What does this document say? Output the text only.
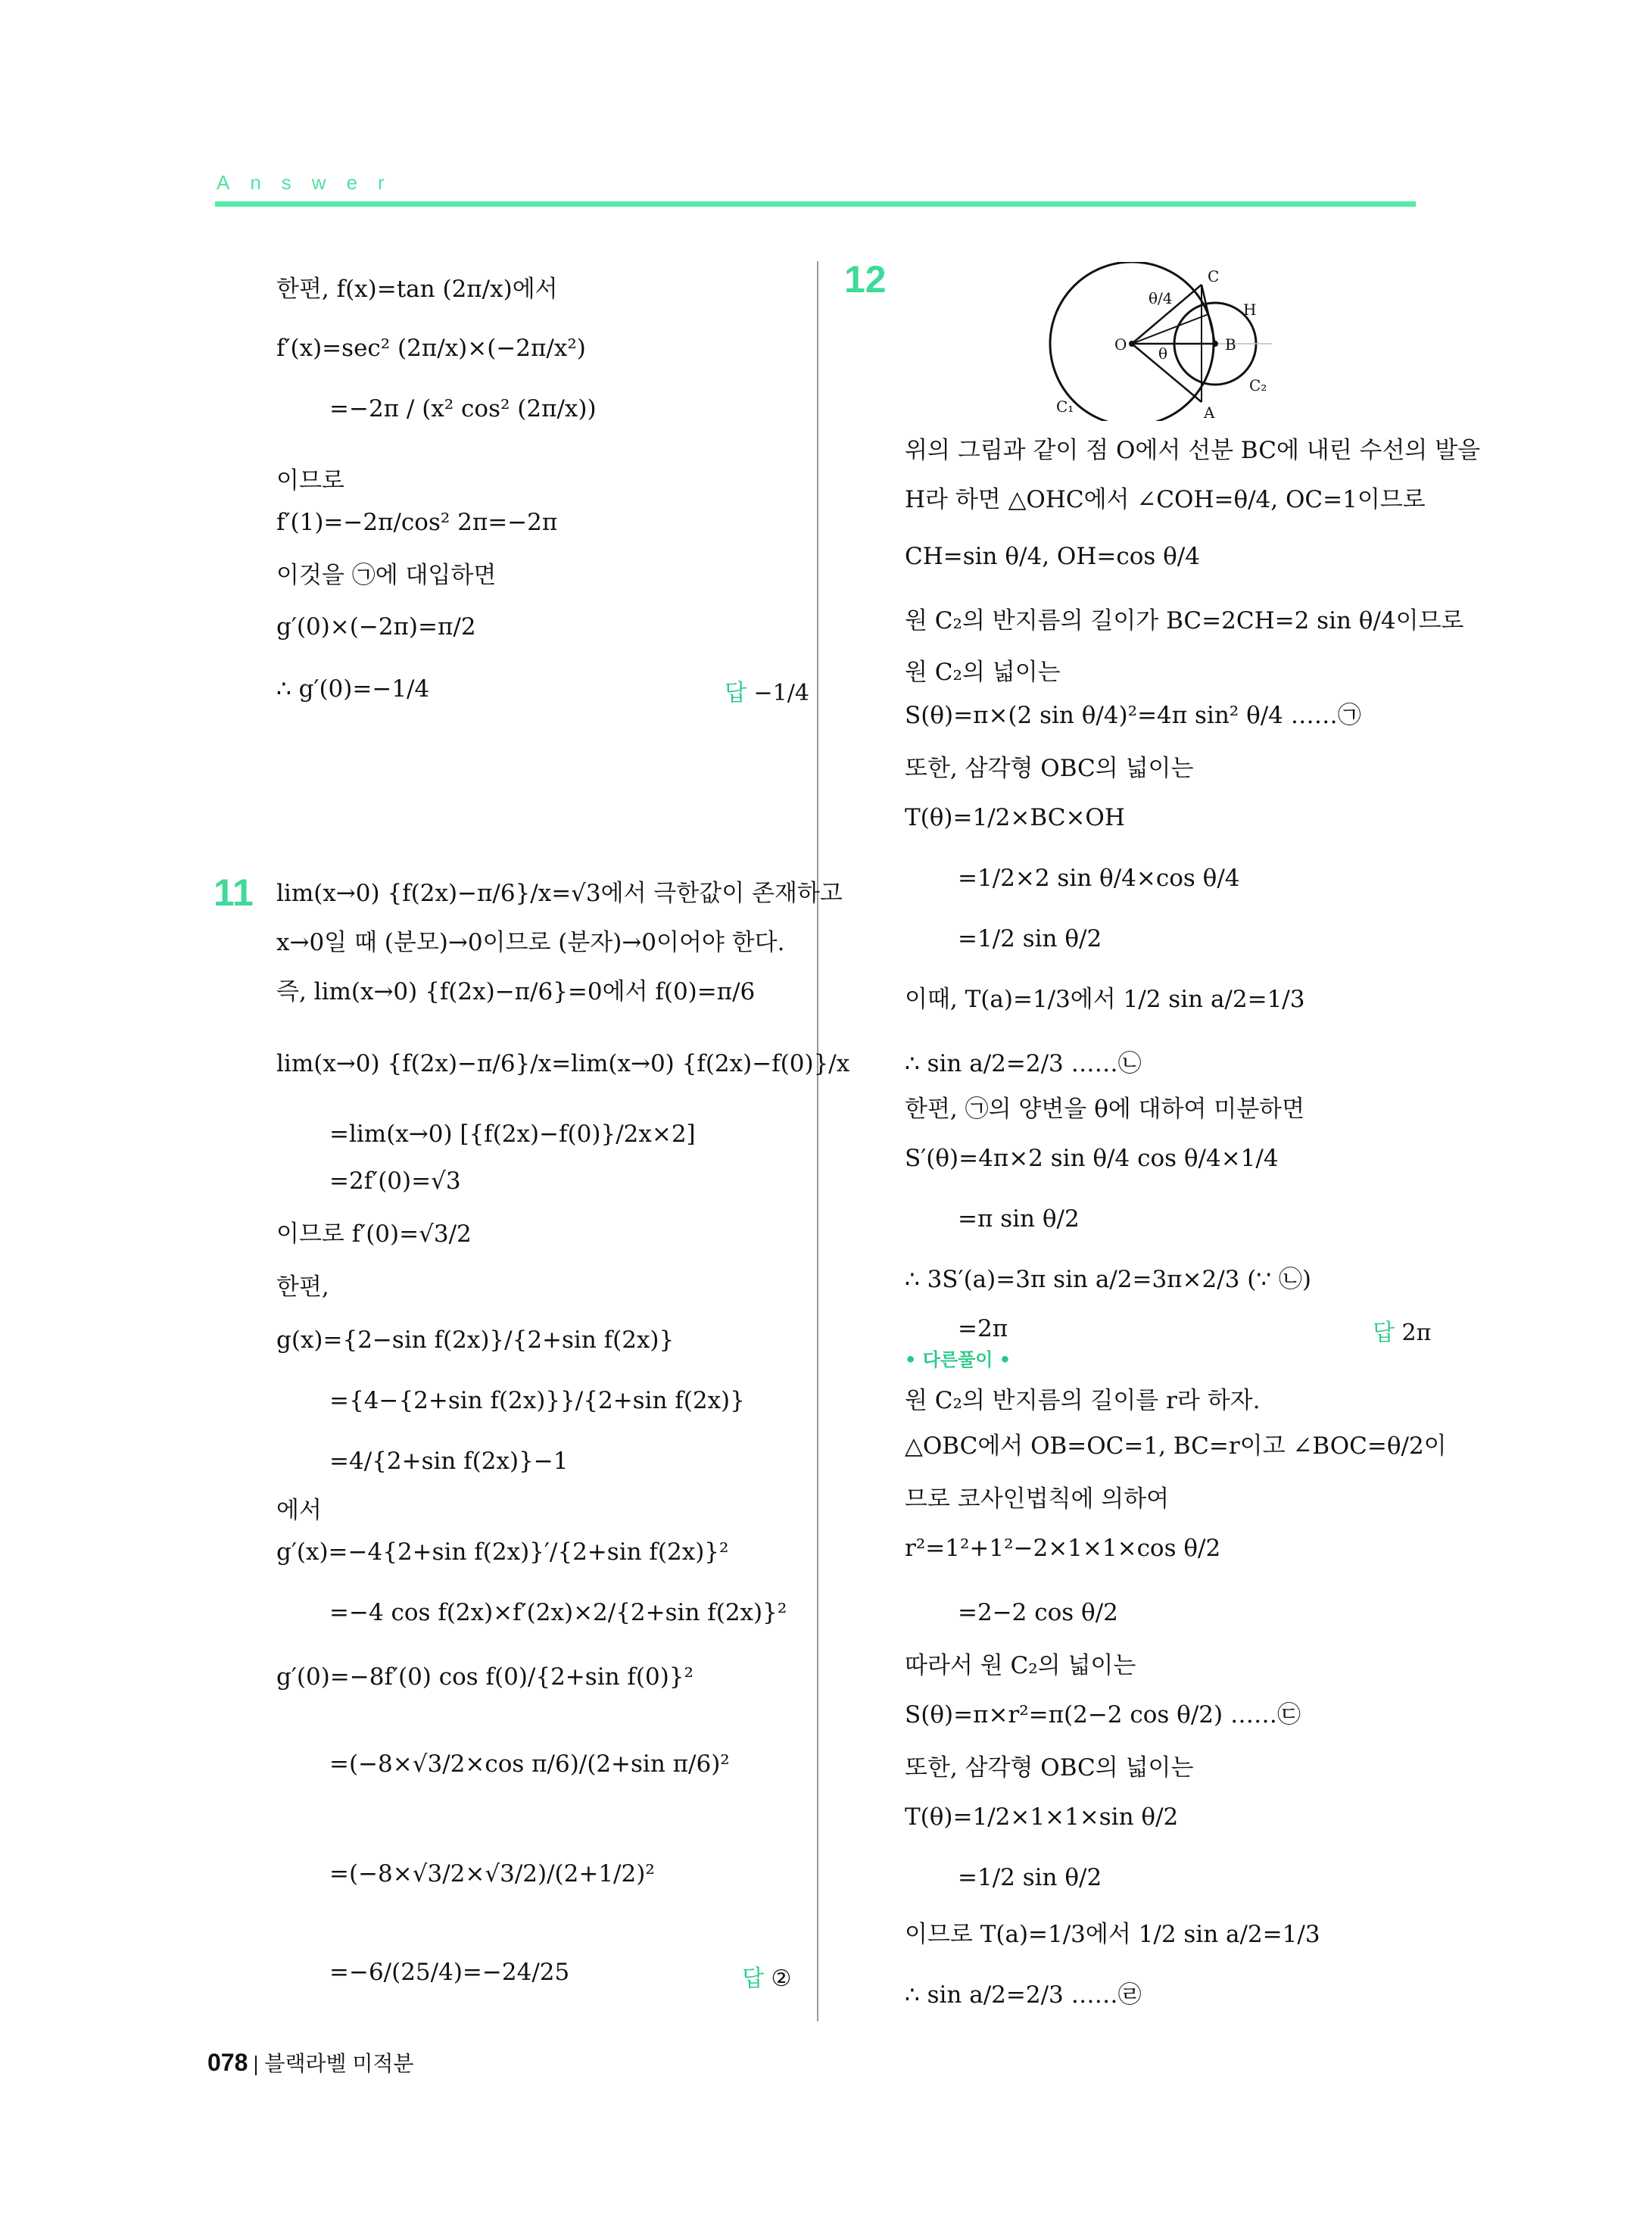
Answer
한편, f(x)=tan (2π/x)에서
f′(x)=sec² (2π/x)×(−2π/x²)
=−2π / (x² cos² (2π/x))
이므로
f′(1)=−2π/cos² 2π=−2π
이것을 ㉠에 대입하면
g′(0)×(−2π)=π/2
∴ g′(0)=−1/4	답 −1/4
11 lim(x→0) {f(2x)−π/6}/x=√3에서 극한값이 존재하고
x→0일 때 (분모)→0이므로 (분자)→0이어야 한다.
즉, lim(x→0) {f(2x)−π/6}=0에서 f(0)=π/6
lim(x→0) {f(2x)−π/6}/x=lim(x→0) {f(2x)−f(0)}/x
=lim(x→0) [{f(2x)−f(0)}/2x×2]
=2f′(0)=√3
이므로 f′(0)=√3/2
한편,
g(x)={2−sin f(2x)}/{2+sin f(2x)}
={4−{2+sin f(2x)}}/{2+sin f(2x)}
=4/{2+sin f(2x)}−1
에서
g′(x)=−4{2+sin f(2x)}′/{2+sin f(2x)}²
=−4 cos f(2x)×f′(2x)×2/{2+sin f(2x)}²
g′(0)=−8f′(0) cos f(0)/{2+sin f(0)}²
=(−8×√3/2×cos π/6)/(2+sin π/6)²
=(−8×√3/2×√3/2)/(2+1/2)²
=−6/(25/4)=−24/25	답 ②
12	θ/4
C
H
O θ	B
C₁	A
C₂
위의 그림과 같이 점 O에서 선분 BC에 내린 수선의 발을
H라 하면 △OHC에서 ∠COH=θ/4, OC=1이므로
CH=sin θ/4, OH=cos θ/4
원 C₂의 반지름의 길이가 BC=2CH=2 sin θ/4이므로
원 C₂의 넓이는
S(θ)=π×(2 sin θ/4)²=4π sin² θ/4 ……㉠
또한, 삼각형 OBC의 넓이는
T(θ)=1/2×BC×OH
=1/2×2 sin θ/4×cos θ/4
=1/2 sin θ/2
이때, T(a)=1/3에서 1/2 sin a/2=1/3
∴ sin a/2=2/3 ……㉡
한편, ㉠의 양변을 θ에 대하여 미분하면
S′(θ)=4π×2 sin θ/4 cos θ/4×1/4
=π sin θ/2
∴ 3S′(a)=3π sin a/2=3π×2/3 (∵ ㉡)
=2π	답 2π
• 다른풀이 •
원 C₂의 반지름의 길이를 r라 하자.
△OBC에서 OB=OC=1, BC=r이고 ∠BOC=θ/2이
므로 코사인법칙에 의하여
r²=1²+1²−2×1×1×cos θ/2
=2−2 cos θ/2
따라서 원 C₂의 넓이는
S(θ)=π×r²=π(2−2 cos θ/2) ……㉢
또한, 삼각형 OBC의 넓이는
T(θ)=1/2×1×1×sin θ/2
=1/2 sin θ/2
이므로 T(a)=1/3에서 1/2 sin a/2=1/3
∴ sin a/2=2/3 ……㉣
078 블랙라벨 미적분
